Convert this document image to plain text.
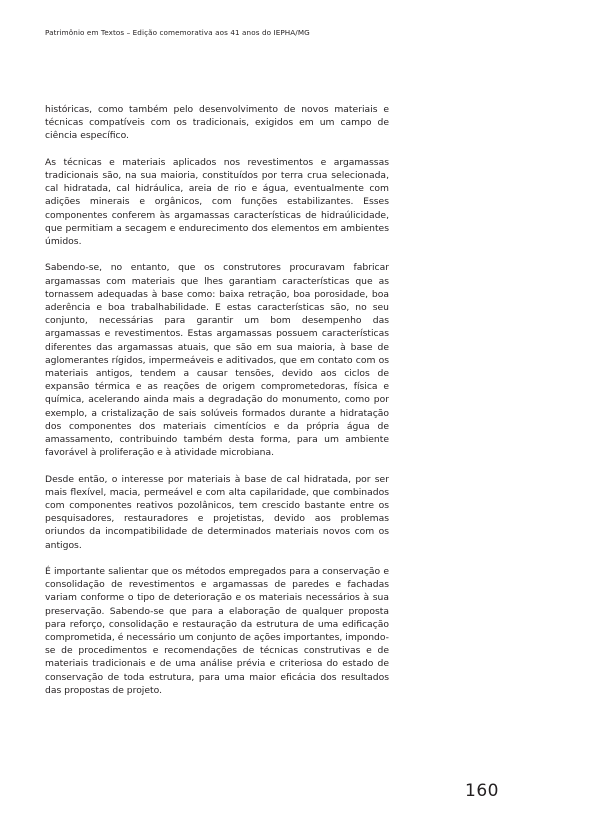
Patrimônio em Textos – Edição comemorativa aos 41 anos do IEPHA/MG

históricas, como também pelo desenvolvimento de novos materiais e técnicas compatíveis com os tradicionais, exigidos em um campo de ciência específico.

As técnicas e materiais aplicados nos revestimentos e argamassas tradicionais são, na sua maioria, constituídos por terra crua selecionada, cal hidratada, cal hidráulica, areia de rio e água, eventualmente com adições minerais e orgânicos, com funções estabilizantes. Esses componentes conferem às argamassas características de hidraúlicidade, que permitiam a secagem e endurecimento dos elementos em ambientes úmidos.

Sabendo-se, no entanto, que os construtores procuravam fabricar argamassas com materiais que lhes garantiam características que as tornassem adequadas à base como: baixa retração, boa porosidade, boa aderência e boa trabalhabilidade. E estas características são, no seu conjunto, necessárias para garantir um bom desempenho das argamassas e revestimentos. Estas argamassas possuem características diferentes das argamassas atuais, que são em sua maioria, à base de aglomerantes rígidos, impermeáveis e aditivados, que em contato com os materiais antigos, tendem a causar tensões, devido aos ciclos de expansão térmica e as reações de origem comprometedoras, física e química, acelerando ainda mais a degradação do monumento, como por exemplo, a cristalização de sais solúveis formados durante a hidratação dos componentes dos materiais cimentícios e da própria água de amassamento, contribuindo também desta forma, para um ambiente favorável à proliferação e à atividade microbiana.

Desde então, o interesse por materiais à base de cal hidratada, por ser mais flexível, macia, permeável e com alta capilaridade, que combinados com componentes reativos pozolânicos, tem crescido bastante entre os pesquisadores, restauradores e projetistas, devido aos problemas oriundos da incompatibilidade de determinados materiais novos com os antigos.

É importante salientar que os métodos empregados para a conservação e consolidação de revestimentos e argamassas de paredes e fachadas variam conforme o tipo de deterioração e os materiais necessários à sua preservação. Sabendo-se que para a elaboração de qualquer proposta para reforço, consolidação e restauração da estrutura de uma edificação comprometida, é necessário um conjunto de ações importantes, impondo-se de procedimentos e recomendações de técnicas construtivas e de materiais tradicionais e de uma análise prévia e criteriosa do estado de conservação de toda estrutura, para uma maior eficácia dos resultados das propostas de projeto.

160
